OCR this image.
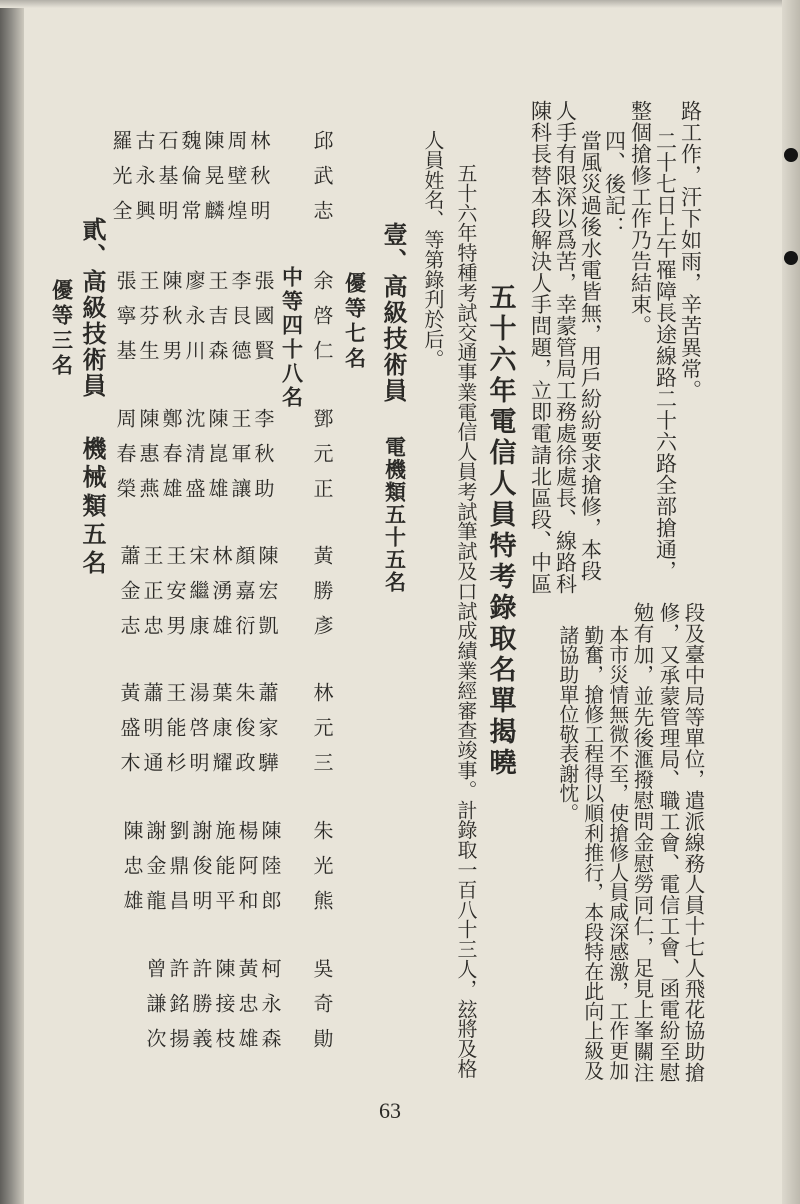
路工作，汗下如雨，辛苦異常。
二十七日上午罹障長途線路二十六路全部搶通，
整個搶修工作乃告結束。
四、後記：
當風災過後水電皆無，用戶紛紛要求搶修，本段
人手有限深以爲苦，幸蒙管局工務處徐處長、線路科
陳科長替本段解決人手問題，立即電請北區段、中區
段及臺中局等單位，遣派線務人員十七人飛花協助搶
修，又承蒙管理局、職工會、電信工會、函電紛至慰
勉有加，並先後滙撥慰問金慰勞同仁，足見上峯關注
本市災情無微不至，使搶修人員咸深感激，工作更加
勤奮，搶修工程得以順利推行，本段特在此向上級及
諸協助單位敬表謝忱。
五十六年電信人員特考錄取名單揭曉
五十六年特種考試交通事業電信人員考試筆試及口試成績業經審查竣事。計錄取一百八十三人，玆將及格
人員姓名、等第錄刋於后。
壹、高級技術員
電機類五十五名
優等七名
邱武志
余啓仁
鄧元正
黃勝彥
林元三
朱光熊
吳奇勛
中等四十八名
林秋明
周壁煌
陳晃麟
魏倫常
石基明
古永興
羅光全
張國賢
李艮德
王吉森
廖永川
陳秋男
王芬生
張寧基
李秋助
王軍讓
陳崑雄
沈清盛
鄭春雄
陳惠燕
周春榮
陳宏凱
顏嘉衍
林湧雄
宋繼康
王安男
王正忠
蕭金志
蕭家驊
朱俊政
葉康耀
湯啓明
王能杉
蕭明通
黃盛木
陳陸郎
楊阿和
施能平
謝俊明
劉鼎昌
謝金龍
陳忠雄
柯永森
黃忠雄
陳接枝
許勝義
許銘揚
曾謙次
貳、高級技術員
機械類五名
優等三名
63
